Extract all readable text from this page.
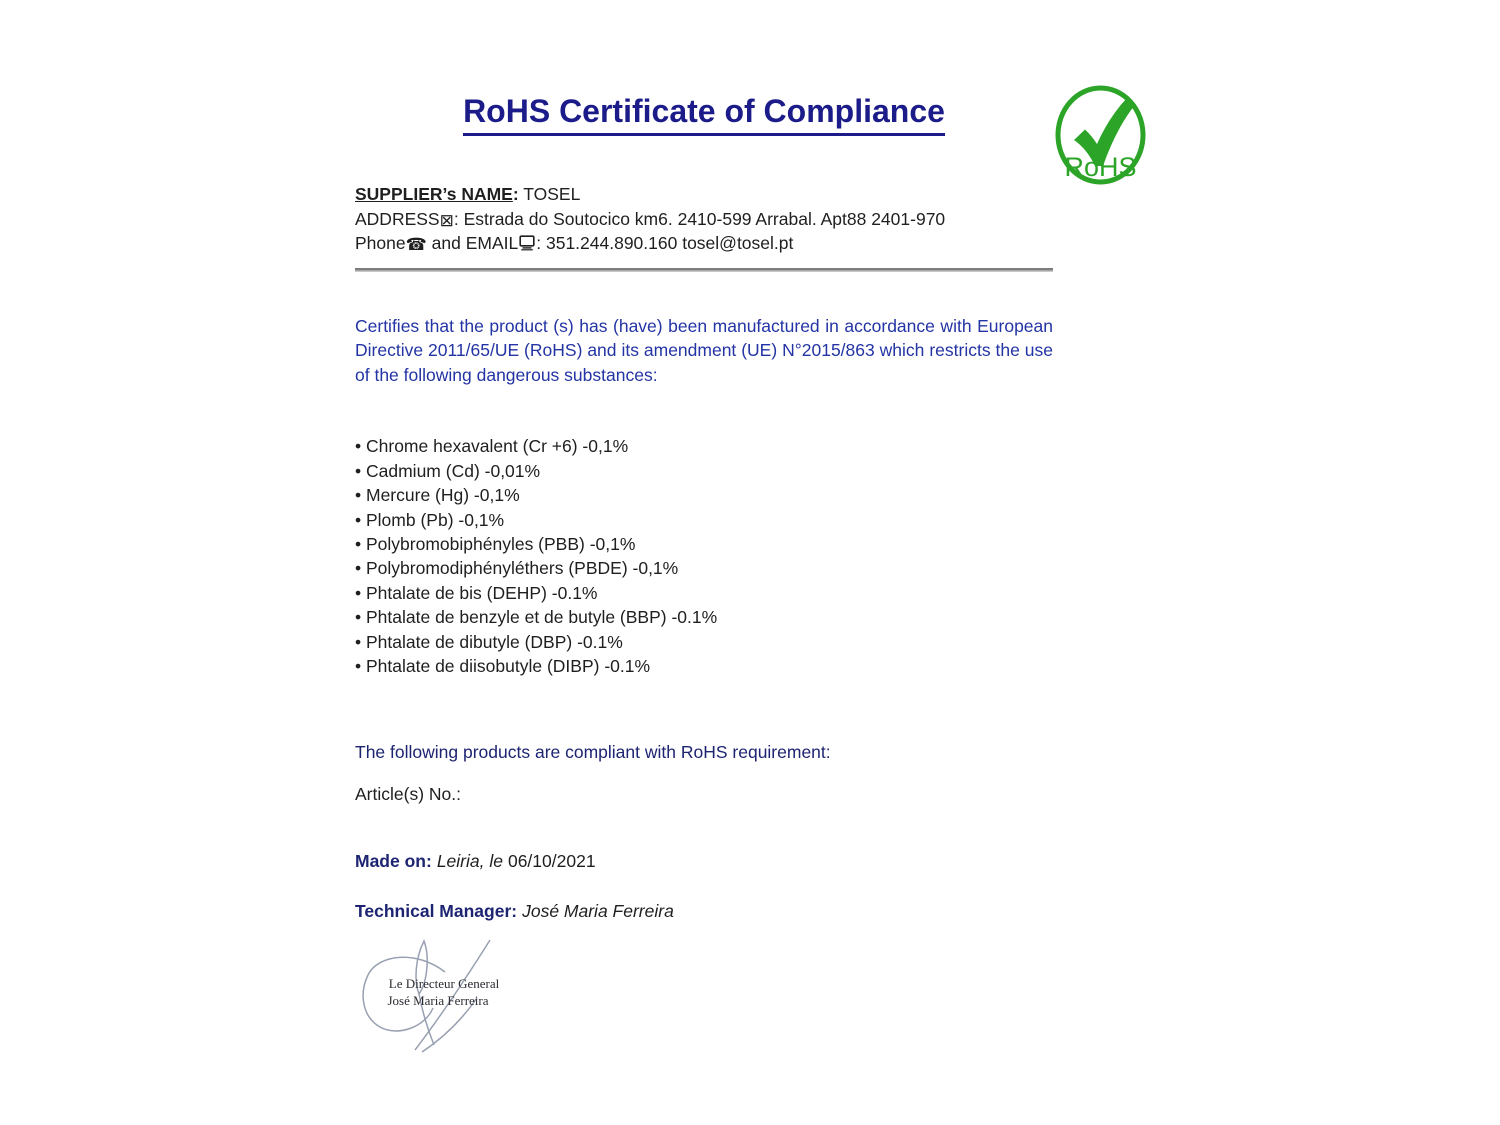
RoHS
RoHS Certificate of Compliance
SUPPLIER’s NAME: TOSEL
ADDRESS⊠: Estrada do Soutocico km6. 2410-599 Arrabal. Apt88 2401-970
Phone☎ and EMAIL : 351.244.890.160 tosel@tosel.pt

Certifies that the product (s) has (have) been manufactured in accordance with European Directive 2011/65/UE (RoHS) and its amendment (UE) N°2015/863 which restricts the use of the following dangerous substances:

• Chrome hexavalent (Cr +6) -0,1%
• Cadmium (Cd) -0,01%
• Mercure (Hg) -0,1%
• Plomb (Pb) -0,1%
• Polybromobiphényles (PBB) -0,1%
• Polybromodiphényléthers (PBDE) -0,1%
• Phtalate de bis (DEHP) -0.1%
• Phtalate de benzyle et de butyle (BBP) -0.1%
• Phtalate de dibutyle (DBP) -0.1%
• Phtalate de diisobutyle (DIBP) -0.1%
The following products are compliant with RoHS requirement:
Article(s) No.:
Made on: Leiria, le 06/10/2021
Technical Manager: José Maria Ferreira
Le Directeur General
José Maria Ferreira
